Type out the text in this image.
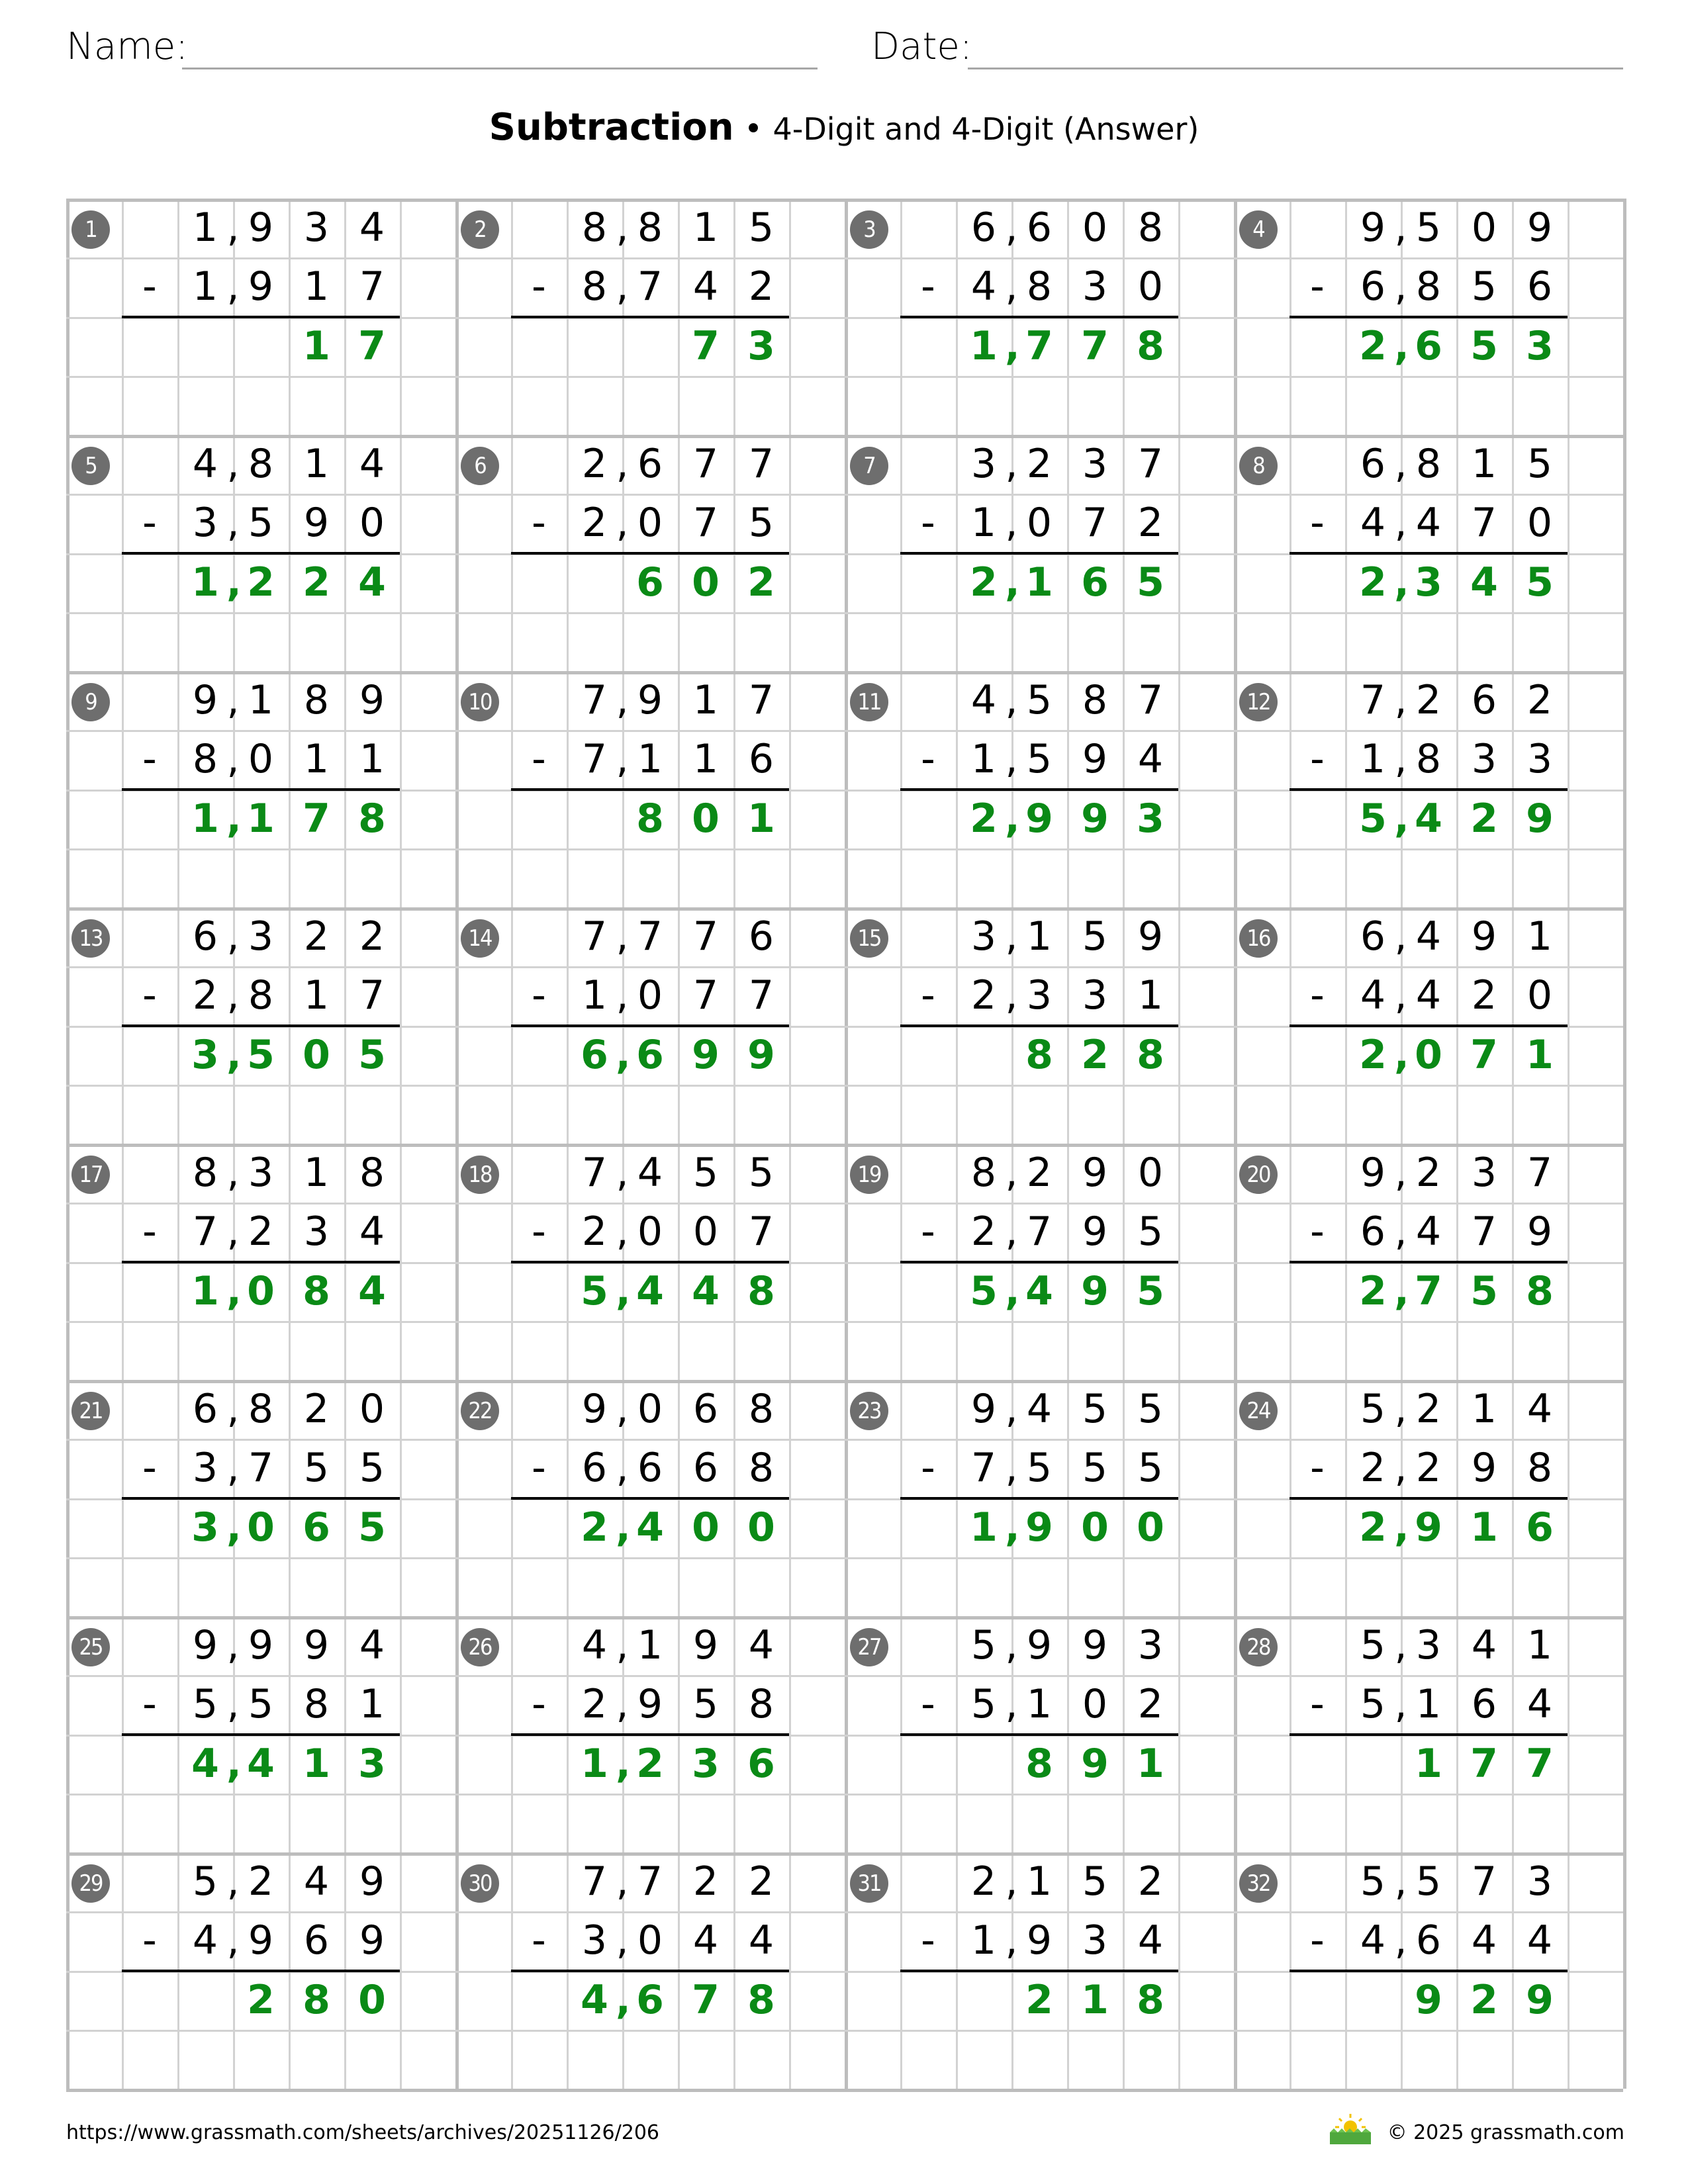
Name:	Date:
Subtraction • 4-Digit and 4-Digit (Answer)
1	1 9 3 4
,
- 1 9 1 7
,
1 7
2	8 8 1 5
,
- 8 7 4 2
,
7 3
3	6 6 0 8
,
- 4 8 3 0
,
1 7 7 8
,
4	9 5 0 9
,
- 6 8 5 6
,
2 6 5 3
,
5	4 8 1 4
,
- 3 5 9 0
,
1 2 2 4
,
6	2 6 7 7
,
- 2 0 7 5
,
6 0 2
7	3 2 3 7
,
- 1 0 7 2
,
2 1 6 5
,
8	6 8 1 5
,
- 4 4 7 0
,
2 3 4 5
,
9	9 1 8 9
,
- 8 0 1 1
,
1 1 7 8
,
10	7 9 1 7
,
- 7 1 1 6
,
8 0 1
11	4 5 8 7
,
- 1 5 9 4
,
2 9 9 3
,
12	7 2 6 2
,
- 1 8 3 3
,
5 4 2 9
,
13	6 3 2 2
,
- 2 8 1 7
,
3 5 0 5
,
14	7 7 7 6
,
- 1 0 7 7
,
6 6 9 9
,
15	3 1 5 9
,
- 2 3 3 1
,
8 2 8
16	6 4 9 1
,
- 4 4 2 0
,
2 0 7 1
,
17	8 3 1 8
,
- 7 2 3 4
,
1 0 8 4
,
18	7 4 5 5
,
- 2 0 0 7
,
5 4 4 8
,
19	8 2 9 0
,
- 2 7 9 5
,
5 4 9 5
,
20	9 2 3 7
,
- 6 4 7 9
,
2 7 5 8
,
21	6 8 2 0
,
- 3 7 5 5
,
3 0 6 5
,
22	9 0 6 8
,
- 6 6 6 8
,
2 4 0 0
,
23	9 4 5 5
,
- 7 5 5 5
,
1 9 0 0
,
24	5 2 1 4
,
- 2 2 9 8
,
2 9 1 6
,
25	9 9 9 4
,
- 5 5 8 1
,
4 4 1 3
,
26	4 1 9 4
,
- 2 9 5 8
,
1 2 3 6
,
27	5 9 9 3
,
- 5 1 0 2
,
8 9 1
28	5 3 4 1
,
- 5 1 6 4
,
1 7 7
29	5 2 4 9
,
- 4 9 6 9
,
2 8 0
30	7 7 2 2
,
- 3 0 4 4
,
4 6 7 8
,
31	2 1 5 2
,
- 1 9 3 4
,
2 1 8
32	5 5 7 3
,
- 4 6 4 4
,
9 2 9
https://www.grassmath.com/sheets/archives/20251126/206	© 2025 grassmath.com
